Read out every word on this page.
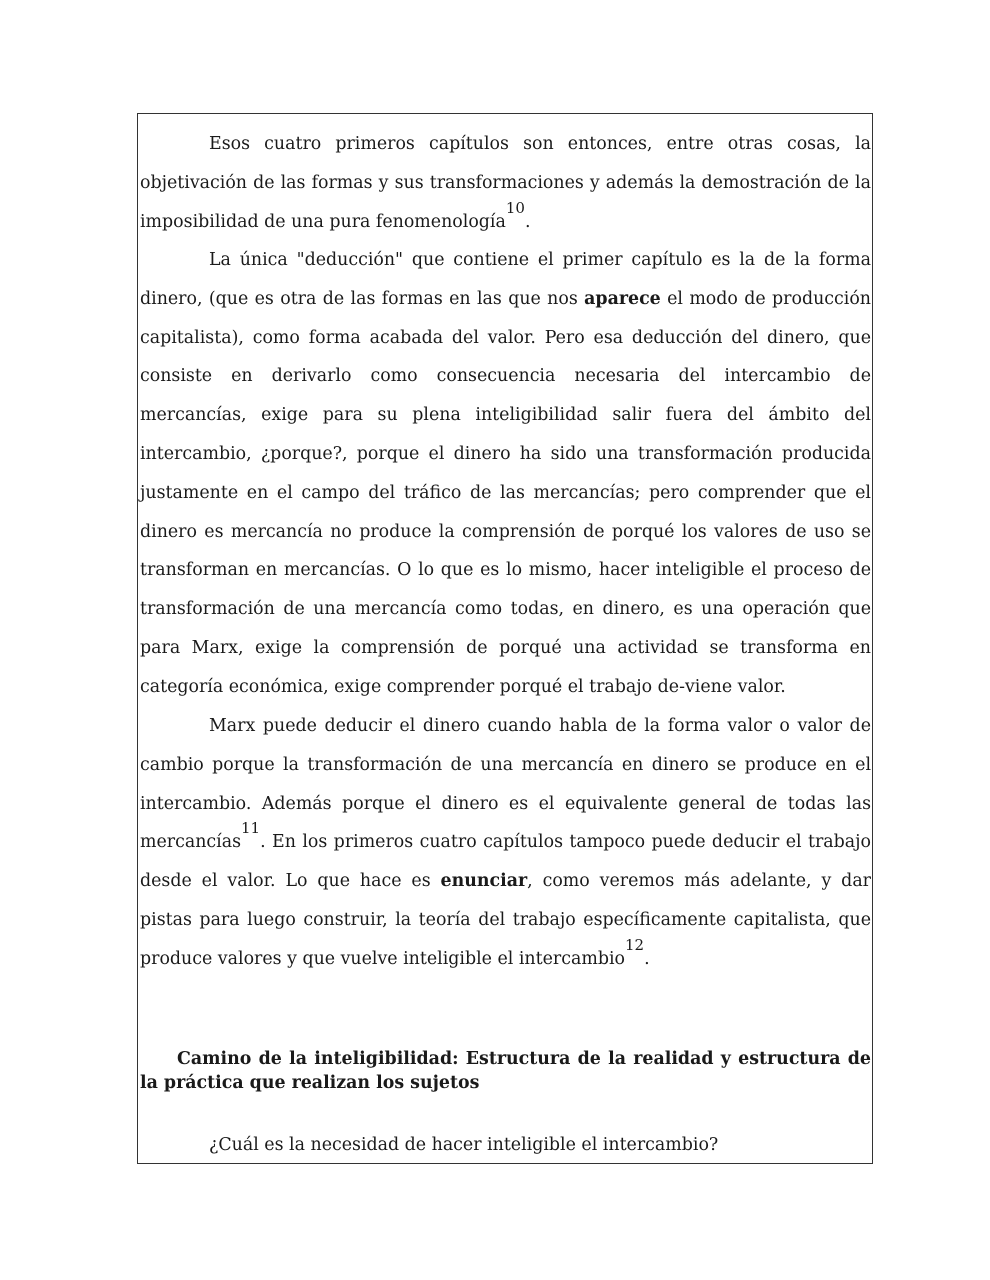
Esos cuatro primeros capítulos son entonces, entre otras cosas, la objetivación de las formas y sus transformaciones y además la demostración de la imposibilidad de una pura fenomenología10.

La única "deducción" que contiene el primer capítulo es la de la forma dinero, (que es otra de las formas en las que nos aparece el modo de producción capitalista), como forma acabada del valor. Pero esa deducción del dinero, que consiste en derivarlo como consecuencia necesaria del intercambio de mercancías, exige para su plena inteligibilidad salir fuera del ámbito del intercambio, ¿porque?, porque el dinero ha sido una transformación producida justamente en el campo del tráfico de las mercancías; pero comprender que el dinero es mercancía no produce la comprensión de porqué los valores de uso se transforman en mercancías. O lo que es lo mismo, hacer inteligible el proceso de transformación de una mercancía como todas, en dinero, es una operación que para Marx, exige la comprensión de porqué una actividad se transforma en categoría económica, exige comprender porqué el trabajo de-viene valor.

Marx puede deducir el dinero cuando habla de la forma valor o valor de cambio porque la transformación de una mercancía en dinero se produce en el intercambio. Además porque el dinero es el equivalente general de todas las mercancías11. En los primeros cuatro capítulos tampoco puede deducir el trabajo desde el valor. Lo que hace es enunciar, como veremos más adelante, y dar pistas para luego construir, la teoría del trabajo específicamente capitalista, que produce valores y que vuelve inteligible el intercambio12.

Camino de la inteligibilidad: Estructura de la realidad y estructura de la práctica que realizan los sujetos

¿Cuál es la necesidad de hacer inteligible el intercambio?
